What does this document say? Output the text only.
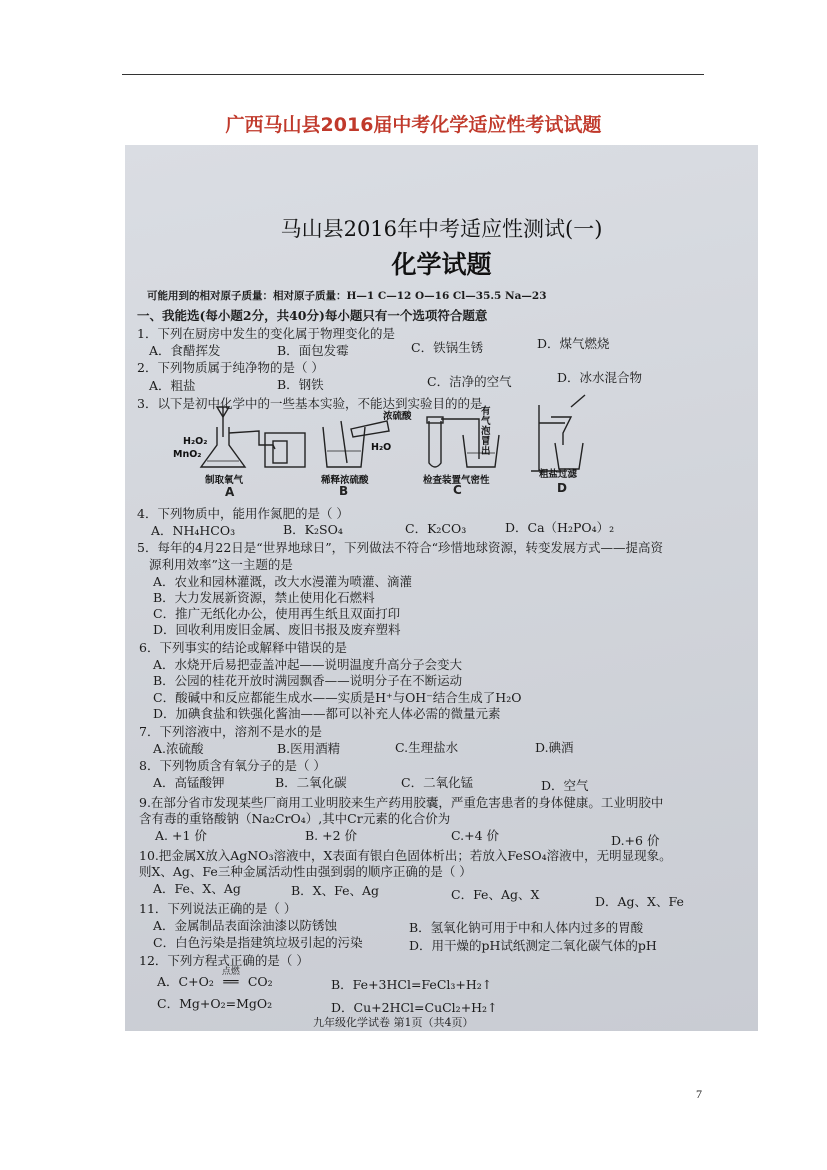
广西马山县2016届中考化学适应性考试试题
马山县2016年中考适应性测试(一)
化学试题
可能用到的相对原子质量：相对原子质量：H—1 C—12 O—16 Cl—35.5 Na—23
一、我能选(每小题2分，共40分)每小题只有一个选项符合题意
1．下列在厨房中发生的变化属于物理变化的是
A．食醋挥发	B．面包发霉	C．铁锅生锈	D．煤气燃烧
2．下列物质属于纯净物的是（ ）
A．粗盐	B．钢铁	C．洁净的空气	D．冰水混合物
3．以下是初中化学中的一些基本实验，不能达到实验目的的是
H₂O₂
MnO₂
制取氧气
浓硫酸
H₂O
稀释浓硫酸
有气泡冒出
检查装置气密性
粗盐过滤
A	B	C	D
4．下列物质中，能用作氮肥的是（ ）
A．NH₄HCO₃	B．K₂SO₄	C．K₂CO₃	D．Ca（H₂PO₄）₂
5．每年的4月22日是“世界地球日”，下列做法不符合“珍惜地球资源，转变发展方式——提高资
源利用效率”这一主题的是
A．农业和园林灌溉，改大水漫灌为喷灌、滴灌
B．大力发展新资源，禁止使用化石燃料
C．推广无纸化办公，使用再生纸且双面打印
D．回收利用废旧金属、废旧书报及废弃塑料
6．下列事实的结论或解释中错误的是
A．水烧开后易把壶盖冲起——说明温度升高分子会变大
B．公园的桂花开放时满园飘香——说明分子在不断运动
C．酸碱中和反应都能生成水——实质是H⁺与OH⁻结合生成了H₂O
D．加碘食盐和铁强化酱油——都可以补充人体必需的微量元素
7．下列溶液中，溶剂不是水的是
A.浓硫酸	B.医用酒精	C.生理盐水	D.碘酒
8．下列物质含有氧分子的是（ ）
A．高锰酸钾	B．二氧化碳	C．二氧化锰	D．空气
9.在部分省市发现某些厂商用工业明胶来生产药用胶囊，严重危害患者的身体健康。工业明胶中
含有毒的重铬酸钠（Na₂CrO₄）,其中Cr元素的化合价为
A. +1 价	B. +2 价	C.+4 价	D.+6 价
10.把金属X放入AgNO₃溶液中，X表面有银白色固体析出；若放入FeSO₄溶液中，无明显现象。
则X、Ag、Fe三种金属活动性由强到弱的顺序正确的是（ ）
A．Fe、X、Ag	B．X、Fe、Ag	C．Fe、Ag、X	D．Ag、X、Fe
11．下列说法正确的是（ ）
A．金属制品表面涂油漆以防锈蚀	B．氢氧化钠可用于中和人体内过多的胃酸
C．白色污染是指建筑垃圾引起的污染	D．用干燥的pH试纸测定二氧化碳气体的pH
12．下列方程式正确的是（ ）
A．C+O₂
点燃
══ CO₂	B．Fe+3HCl=FeCl₃+H₂↑
C．Mg+O₂=MgO₂	D．Cu+2HCl=CuCl₂+H₂↑
九年级化学试卷 第1页（共4页）
7
